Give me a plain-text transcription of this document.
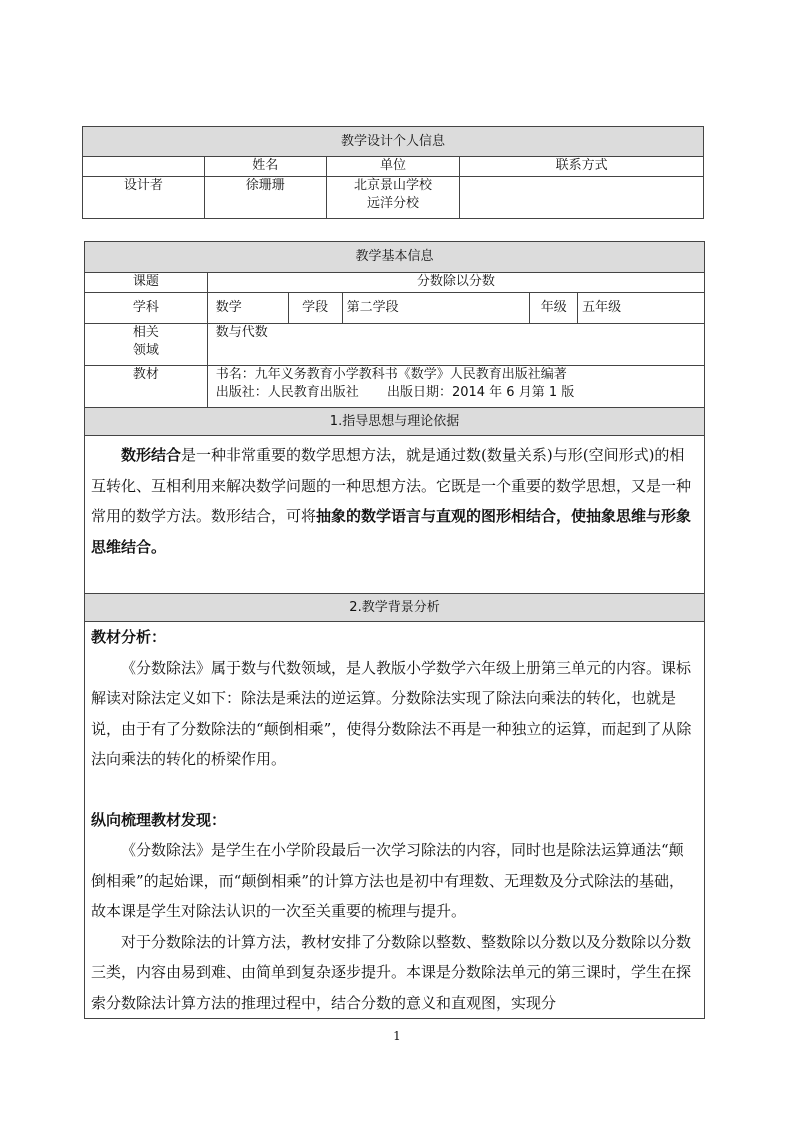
教学设计个人信息			
	姓名	单位	联系方式
设计者	徐珊珊	北京景山学校
远洋分校	

教学基本信息					
课题	分数除以分数				
学科	数学	学段	第二学段	年级	五年级

相关
领域	数与代数				
教材	书名：九年义务教育小学教科书《数学》人民教育出版社编著
出版社：人民教育出版社 出版日期：2014 年 6 月第 1 版				

1.指导思想与理论依据					

数形结合是一种非常重要的数学思想方法，就是通过数(数量关系)与形(空间形式)的相互转化、互相利用来解决数学问题的一种思想方法。它既是一个重要的数学思想，又是一种常用的数学方法。数形结合，可将抽象的数学语言与直观的图形相结合，使抽象思维与形象思维结合。					

2.教学背景分析					

教材分析：
《分数除法》属于数与代数领域，是人教版小学数学六年级上册第三单元的内容。课标解读对除法定义如下：除法是乘法的逆运算。分数除法实现了除法向乘法的转化，也就是说，由于有了分数除法的“颠倒相乘”，使得分数除法不再是一种独立的运算，而起到了从除法向乘法的转化的桥梁作用。
纵向梳理教材发现：
《分数除法》是学生在小学阶段最后一次学习除法的内容，同时也是除法运算通法“颠倒相乘”的起始课，而“颠倒相乘”的计算方法也是初中有理数、无理数及分式除法的基础，故本课是学生对除法认识的一次至关重要的梳理与提升。
对于分数除法的计算方法，教材安排了分数除以整数、整数除以分数以及分数除以分数三类，内容由易到难、由简单到复杂逐步提升。本课是分数除法单元的第三课时，学生在探索分数除法计算方法的推理过程中，结合分数的意义和直观图，实现分					
1
